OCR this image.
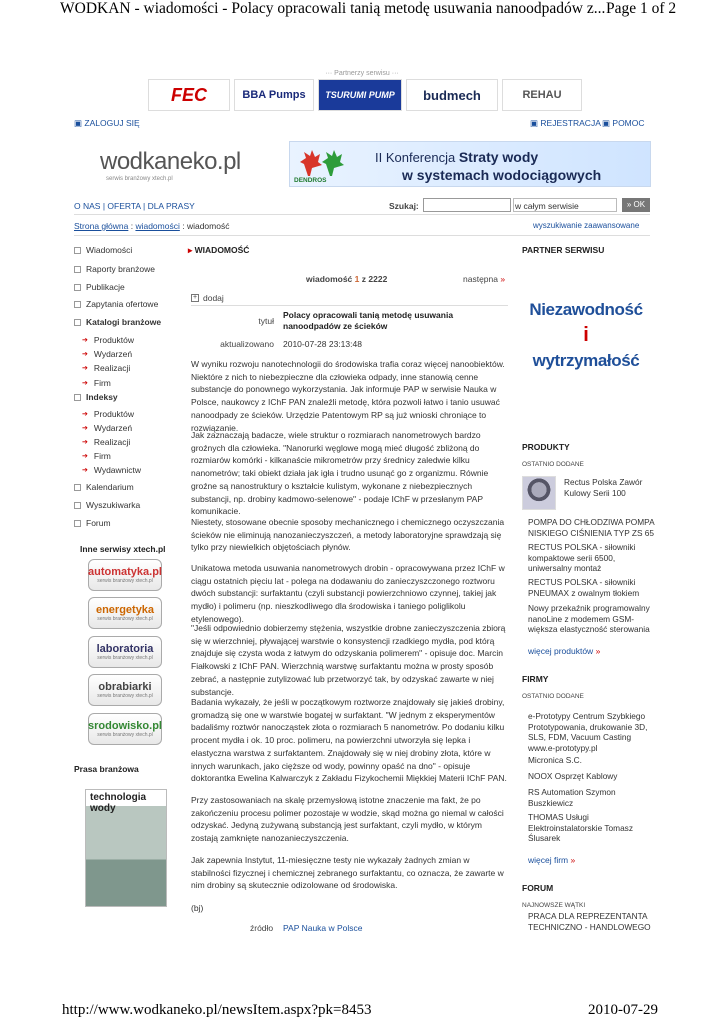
WODKAN - wiadomości - Polacy opracowali tanią metodę usuwania nanoodpadów z... Page 1 of 2
··· Partnerzy serwisu ···
FEC	BBA Pumps	TSURUMI PUMP	budmech	REHAU
▣ ZALOGUJ SIĘ	▣ REJESTRACJA ▣ POMOC
wodkaneko.pl
serwis branżowy xtech.pl	DENDROS
II Konferencja Straty wody
w systemach wodociągowych
O NAS | OFERTA | DLA PRASY	Szukaj:	w całym serwisie	» OK
Strona główna : wiadomości : wiadomość	wyszukiwanie zaawansowane
Wiadomości
Raporty branżowe
Publikacje
Zapytania ofertowe
Katalogi branżowe
➔ Produktów
➔ Wydarzeń
➔ Realizacji
➔ Firm
Indeksy
➔ Produktów
➔ Wydarzeń
➔ Realizacji
➔ Firm
➔ Wydawnictw
Kalendarium
Wyszukiwarka
Forum
Inne serwisy xtech.pl
automatyka.pl
serwis branżowy xtech.pl
energetyka
serwis branżowy xtech.pl
laboratoria
serwis branżowy xtech.pl
obrabiarki
serwis branżowy xtech.pl
srodowisko.pl
serwis branżowy xtech.pl
Prasa branżowa
technologia wody
▸ WIADOMOŚĆ
wiadomość 1 z 2222	następna »
+ dodaj
tytuł
Polacy opracowali tanią metodę usuwania nanoodpadów ze ścieków
aktualizowano 2010-07-28 23:13:48
W wyniku rozwoju nanotechnologii do środowiska trafia coraz więcej nanoobiektów. Niektóre z nich to niebezpieczne dla człowieka odpady, inne stanowią cenne substancje do ponownego wykorzystania. Jak informuje PAP w serwisie Nauka w Polsce, naukowcy z IChF PAN znaleźli metodę, która pozwoli łatwo i tanio usuwać nanoodpady ze ścieków. Urzędzie Patentowym RP są już wnioski chroniące to rozwiązanie.
Jak zaznaczają badacze, wiele struktur o rozmiarach nanometrowych bardzo groźnych dla człowieka. "Nanorurki węglowe mogą mieć długość zbliżoną do rozmiarów komórki - kilkanaście mikrometrów przy średnicy zaledwie kilku nanometrów; taki obiekt działa jak igła i trudno usunąć go z organizmu. Równie groźne są nanostruktury o kształcie kulistym, wykonane z niebezpiecznych substancji, np. drobiny kadmowo-selenowe" - podaje IChF w przesłanym PAP komunikacie.
Niestety, stosowane obecnie sposoby mechanicznego i chemicznego oczyszczania ścieków nie eliminują nanozanieczyszczeń, a metody laboratoryjne sprawdzają się tylko przy niewielkich objętościach płynów.
Unikatowa metoda usuwania nanometrowych drobin - opracowywana przez IChF w ciągu ostatnich pięciu lat - polega na dodawaniu do zanieczyszczonego roztworu dwóch substancji: surfaktantu (czyli substancji powierzchniowo czynnej, takiej jak mydło) i polimeru (np. nieszkodliwego dla środowiska i taniego poliglikolu etylenowego).
"Jeśli odpowiednio dobierzemy stężenia, wszystkie drobne zanieczyszczenia zbiorą się w wierzchniej, pływającej warstwie o konsystencji rzadkiego mydła, pod którą znajduje się czysta woda z łatwym do odzyskania polimerem" - opisuje doc. Marcin Fiałkowski z IChF PAN. Wierzchnią warstwę surfaktantu można w prosty sposób zebrać, a następnie zutylizować lub przetworzyć tak, by odzyskać zawarte w niej substancje.
Badania wykazały, że jeśli w początkowym roztworze znajdowały się jakieś drobiny, gromadzą się one w warstwie bogatej w surfaktant. "W jednym z eksperymentów badaliśmy roztwór nanocząstek złota o rozmiarach 5 nanometrów. Po dodaniu kilku procent mydła i ok. 10 proc. polimeru, na powierzchni utworzyła się lepka i elastyczna warstwa z surfaktantem. Znajdowały się w niej drobiny złota, które w innych warunkach, jako cięższe od wody, powinny opaść na dno" - opisuje doktorantka Ewelina Kalwarczyk z Zakładu Fizykochemii Miękkiej Materii IChF PAN.
Przy zastosowaniach na skalę przemysłową istotne znaczenie ma fakt, że po zakończeniu procesu polimer pozostaje w wodzie, skąd można go niemal w całości odzyskać. Jedyną zużywaną substancją jest surfaktant, czyli mydło, w którym zostają zamknięte nanozanieczyszczenia.
Jak zapewnia Instytut, 11-miesięczne testy nie wykazały żadnych zmian w stabilności fizycznej i chemicznej zebranego surfaktantu, co oznacza, że zawarte w nim drobiny są skutecznie odizolowane od środowiska.
(bj)
źródło PAP Nauka w Polsce
PARTNER SERWISU
Niezawodność
i
wytrzymałość
PRODUKTY
OSTATNIO DODANE
Rectus Polska Zawór Kulowy Serii 100
POMPA DO CHŁODZIWA POMPA NISKIEGO CIŚNIENIA TYP ZS 65
RECTUS POLSKA - siłowniki kompaktowe serii 6500, uniwersalny montaż
RECTUS POLSKA - siłowniki PNEUMAX z owalnym tłokiem
Nowy przekaźnik programowalny nanoLine z modemem GSM- większa elastyczność sterowania
więcej produktów »
FIRMY
OSTATNIO DODANE
e-Prototypy Centrum Szybkiego Prototypowania, drukowanie 3D, SLS, FDM, Vacuum Casting www.e-prototypy.pl
Micronica S.C.
NOOX Osprzęt Kablowy
RS Automation Szymon Buszkiewicz
THOMAS Usługi Elektroinstalatorskie Tomasz Ślusarek
więcej firm »
FORUM
NAJNOWSZE WĄTKI
PRACA DLA REPREZENTANTA TECHNICZNO - HANDLOWEGO
http://www.wodkaneko.pl/newsItem.aspx?pk=8453	2010-07-29
